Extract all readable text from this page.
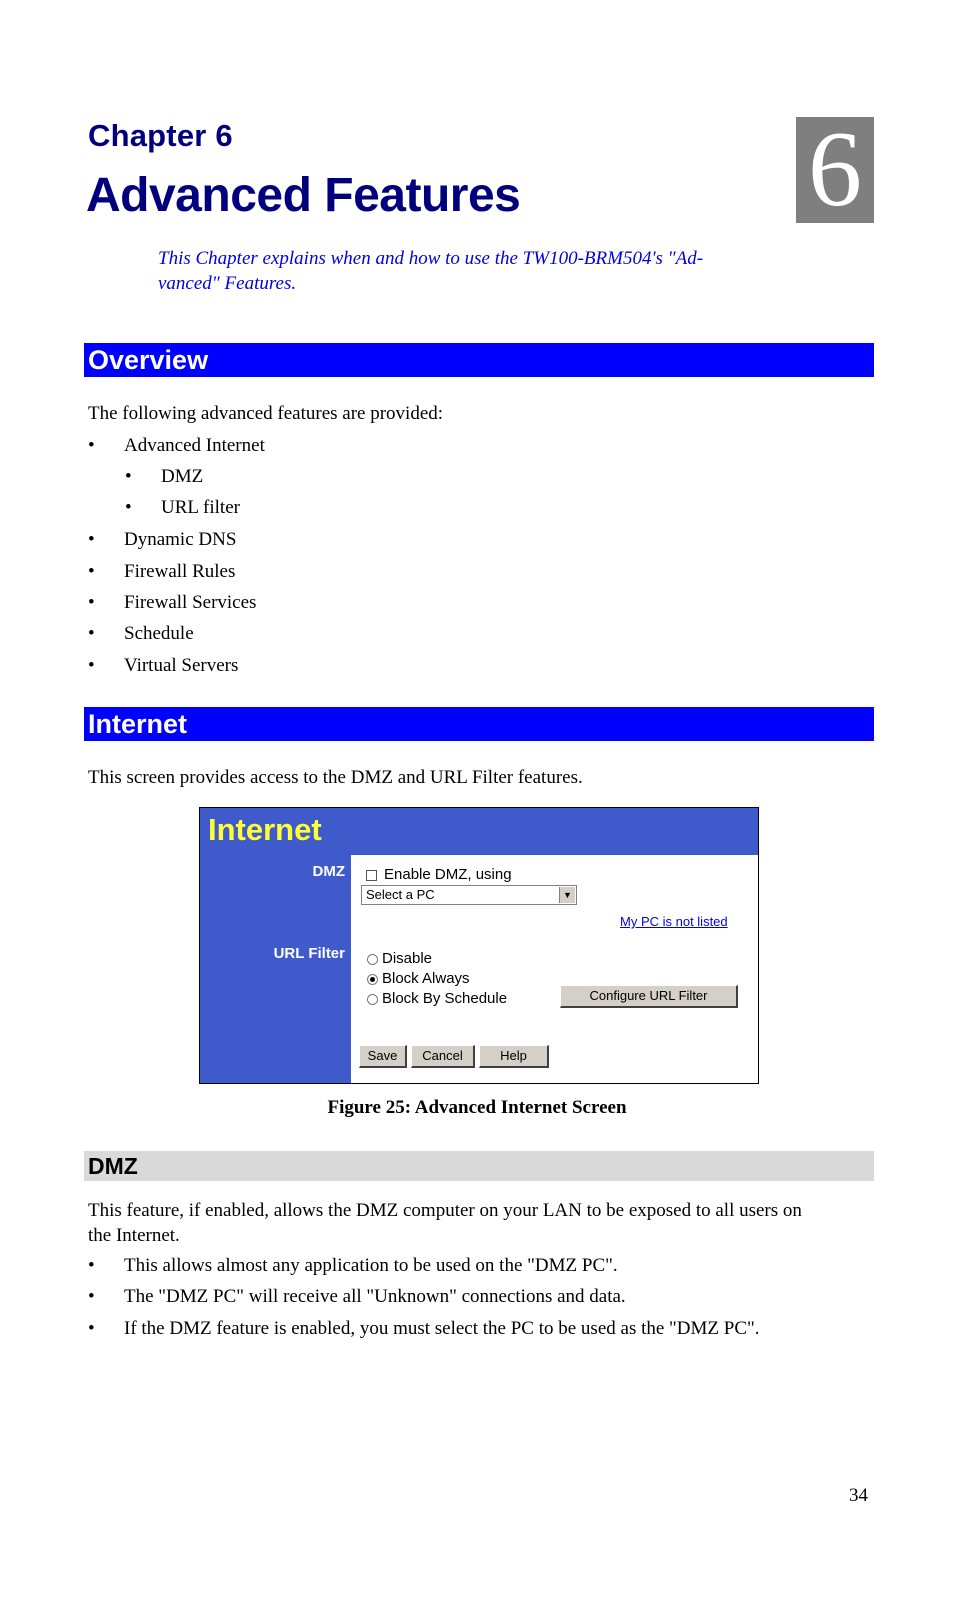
Chapter 6
Advanced Features	6
This Chapter explains when and how to use the TW100-BRM504's "Ad-
vanced" Features.
Overview
The following advanced features are provided:
•	Advanced Internet
•	DMZ
•	URL filter
•	Dynamic DNS
•	Firewall Rules
•	Firewall Services
•	Schedule
•	Virtual Servers
Internet
This screen provides access to the DMZ and URL Filter features.
Internet
DMZ
URL Filter
Enable DMZ, using
Select a PC	▼
My PC is not listed
Disable
Block Always
Block By Schedule	Configure URL Filter
Save	Cancel	Help
Figure 25: Advanced Internet Screen
DMZ
This feature, if enabled, allows the DMZ computer on your LAN to be exposed to all users on
the Internet.
•	This allows almost any application to be used on the "DMZ PC".
•	The "DMZ PC" will receive all "Unknown" connections and data.
•	If the DMZ feature is enabled, you must select the PC to be used as the "DMZ PC".
34
